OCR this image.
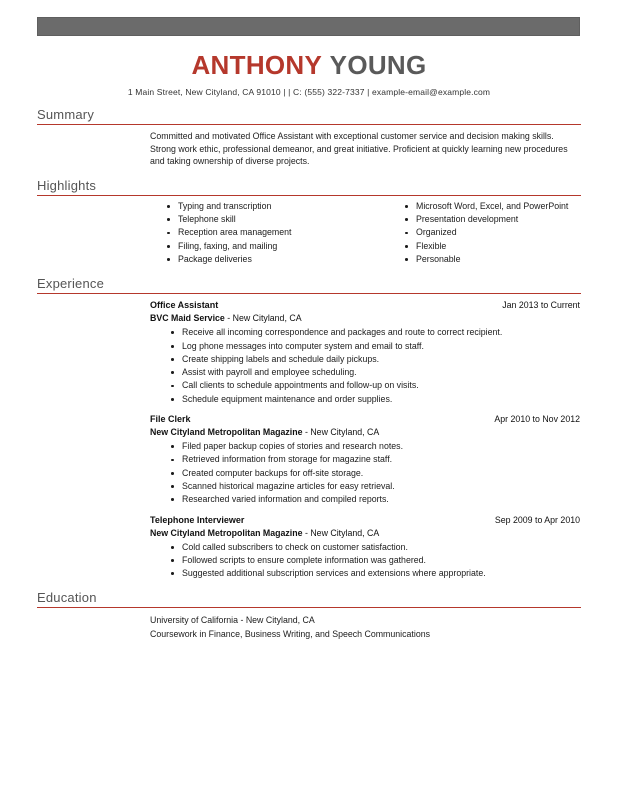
ANTHONY YOUNG
1 Main Street, New Cityland, CA 91010 | | C: (555) 322-7337 | example-email@example.com
Summary
Committed and motivated Office Assistant with exceptional customer service and decision making skills. Strong work ethic, professional demeanor, and great initiative. Proficient at quickly learning new procedures and taking ownership of diverse projects.
Highlights
Typing and transcription
Telephone skill
Reception area management
Filing, faxing, and mailing
Package deliveries
Microsoft Word, Excel, and PowerPoint
Presentation development
Organized
Flexible
Personable
Experience
Office Assistant	Jan 2013 to Current
BVC Maid Service - New Cityland, CA
Receive all incoming correspondence and packages and route to correct recipient.
Log phone messages into computer system and email to staff.
Create shipping labels and schedule daily pickups.
Assist with payroll and employee scheduling.
Call clients to schedule appointments and follow-up on visits.
Schedule equipment maintenance and order supplies.
File Clerk	Apr 2010 to Nov 2012
New Cityland Metropolitan Magazine - New Cityland, CA
Filed paper backup copies of stories and research notes.
Retrieved information from storage for magazine staff.
Created computer backups for off-site storage.
Scanned historical magazine articles for easy retrieval.
Researched varied information and compiled reports.
Telephone Interviewer	Sep 2009 to Apr 2010
New Cityland Metropolitan Magazine - New Cityland, CA
Cold called subscribers to check on customer satisfaction.
Followed scripts to ensure complete information was gathered.
Suggested additional subscription services and extensions where appropriate.
Education
University of California - New Cityland, CA
Coursework in Finance, Business Writing, and Speech Communications
